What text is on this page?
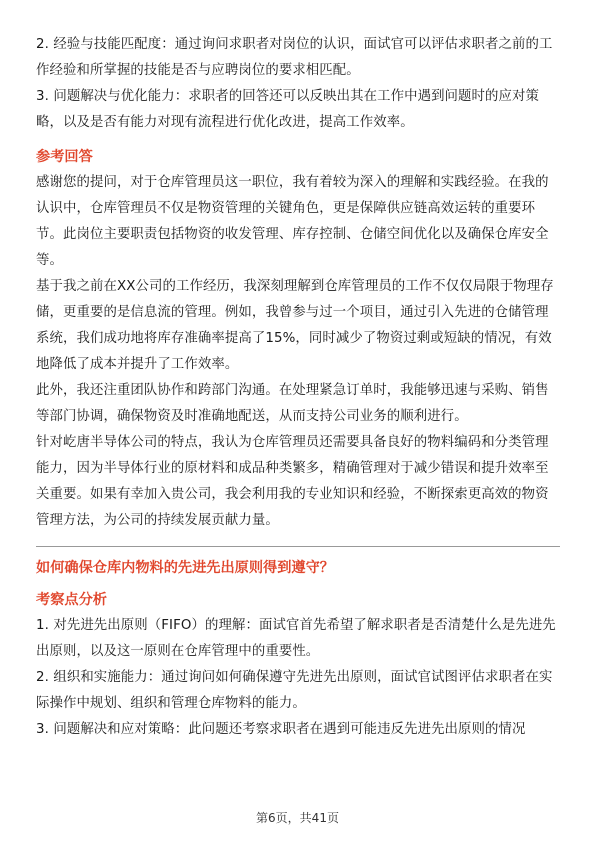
2. 经验与技能匹配度：通过询问求职者对岗位的认识，面试官可以评估求职者之前的工作经验和所掌握的技能是否与应聘岗位的要求相匹配。

3. 问题解决与优化能力：求职者的回答还可以反映出其在工作中遇到问题时的应对策略，以及是否有能力对现有流程进行优化改进，提高工作效率。

参考回答

感谢您的提问，对于仓库管理员这一职位，我有着较为深入的理解和实践经验。在我的认识中，仓库管理员不仅是物资管理的关键角色，更是保障供应链高效运转的重要环节。此岗位主要职责包括物资的收发管理、库存控制、仓储空间优化以及确保仓库安全等。

基于我之前在XX公司的工作经历，我深刻理解到仓库管理员的工作不仅仅局限于物理存储，更重要的是信息流的管理。例如，我曾参与过一个项目，通过引入先进的仓储管理系统，我们成功地将库存准确率提高了15%，同时减少了物资过剩或短缺的情况，有效地降低了成本并提升了工作效率。

此外，我还注重团队协作和跨部门沟通。在处理紧急订单时，我能够迅速与采购、销售等部门协调，确保物资及时准确地配送，从而支持公司业务的顺利进行。

针对屹唐半导体公司的特点，我认为仓库管理员还需要具备良好的物料编码和分类管理能力，因为半导体行业的原材料和成品种类繁多，精确管理对于减少错误和提升效率至关重要。如果有幸加入贵公司，我会利用我的专业知识和经验，不断探索更高效的物资管理方法，为公司的持续发展贡献力量。

如何确保仓库内物料的先进先出原则得到遵守？
考察点分析

1. 对先进先出原则（FIFO）的理解：面试官首先希望了解求职者是否清楚什么是先进先出原则，以及这一原则在仓库管理中的重要性。

2. 组织和实施能力：通过询问如何确保遵守先进先出原则，面试官试图评估求职者在实际操作中规划、组织和管理仓库物料的能力。

3. 问题解决和应对策略：此问题还考察求职者在遇到可能违反先进先出原则的情况

第6页，共41页
